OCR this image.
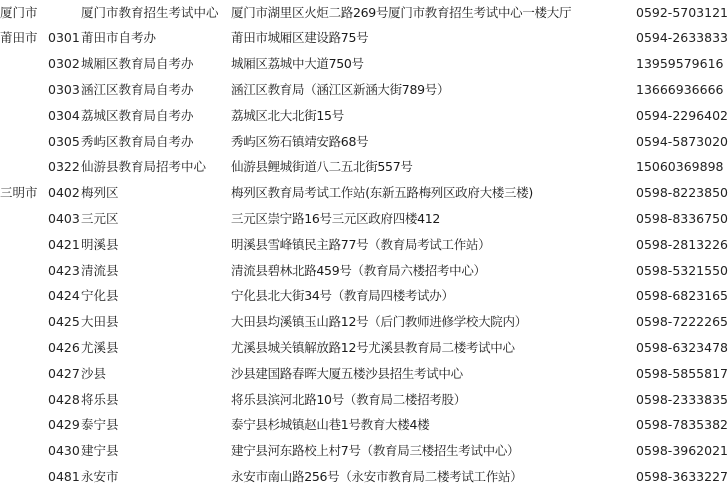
厦门市		厦门市教育招生考试中心	厦门市湖里区火炬二路269号厦门市教育招生考试中心一楼大厅	0592-5703121
莆田市	0301	莆田市自考办	莆田市城厢区建设路75号	0594-2633833
	0302	城厢区教育局自考办	城厢区荔城中大道750号	13959579616
	0303	涵江区教育局自考办	涵江区教育局（涵江区新涵大街789号）	13666936666
	0304	荔城区教育局自考办	荔城区北大北街15号	0594-2296402
	0305	秀屿区教育局自考办	秀屿区笏石镇靖安路68号	0594-5873020
	0322	仙游县教育局招考中心	仙游县鲤城街道八二五北街557号	15060369898
三明市	0402	梅列区	梅列区教育局考试工作站(东新五路梅列区政府大楼三楼)	0598-8223850
	0403	三元区	三元区崇宁路16号三元区政府四楼412	0598-8336750
	0421	明溪县	明溪县雪峰镇民主路77号（教育局考试工作站）	0598-2813226
	0423	清流县	清流县碧林北路459号（教育局六楼招考中心）	0598-5321550
	0424	宁化县	宁化县北大街34号（教育局四楼考试办）	0598-6823165
	0425	大田县	大田县均溪镇玉山路12号（后门教师进修学校大院内）	0598-7222265
	0426	尤溪县	尤溪县城关镇解放路12号尤溪县教育局二楼考试中心	0598-6323478
	0427	沙县	沙县建国路春晖大厦五楼沙县招生考试中心	0598-5855817
	0428	将乐县	将乐县滨河北路10号（教育局二楼招考股）	0598-2333835
	0429	泰宁县	泰宁县杉城镇赵山巷1号教育大楼4楼	0598-7835382
	0430	建宁县	建宁县河东路校上村7号（教育局三楼招生考试中心）	0598-3962021
	0481	永安市	永安市南山路256号（永安市教育局二楼考试工作站）	0598-3633227
